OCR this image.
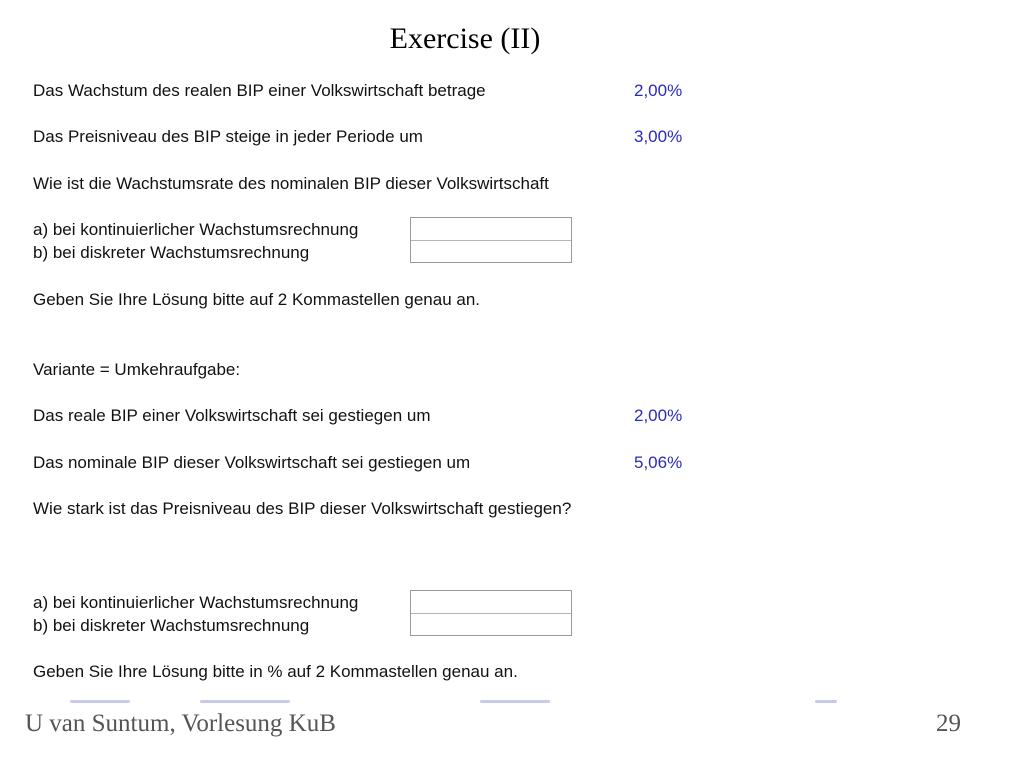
Exercise (II)
Das Wachstum des realen BIP einer Volkswirtschaft betrage	2,00%
Das Preisniveau des BIP steige in jeder Periode um	3,00%
Wie ist die Wachstumsrate des nominalen BIP dieser Volkswirtschaft
a) bei kontinuierlicher Wachstumsrechnung
b) bei diskreter Wachstumsrechnung
Geben Sie Ihre Lösung bitte auf 2 Kommastellen genau an.
Variante = Umkehraufgabe:
Das reale BIP einer Volkswirtschaft sei gestiegen um	2,00%
Das nominale BIP dieser Volkswirtschaft sei gestiegen um	5,06%
Wie stark ist das Preisniveau des BIP dieser Volkswirtschaft gestiegen?
a) bei kontinuierlicher Wachstumsrechnung
b) bei diskreter Wachstumsrechnung
Geben Sie Ihre Lösung bitte in % auf 2 Kommastellen genau an.
U van Suntum, Vorlesung KuB	29
